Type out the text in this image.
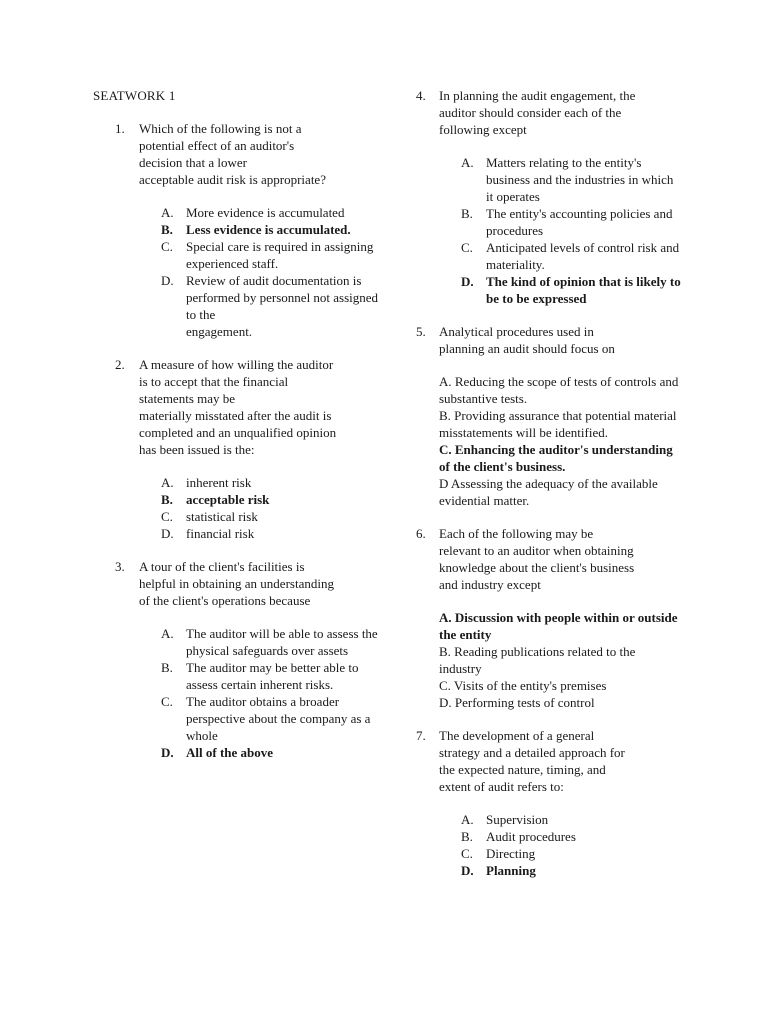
SEATWORK 1
1. Which of the following is not a
potential effect of an auditor's
decision that a lower
acceptable audit risk is appropriate?
A. More evidence is accumulated
B. Less evidence is accumulated.
C. Special care is required in assigning experienced staff.
D. Review of audit documentation is performed by personnel not assigned to the
engagement.
2. A measure of how willing the auditor
is to accept that the financial
statements may be
materially misstated after the audit is
completed and an unqualified opinion
has been issued is the:
A. inherent risk
B. acceptable risk
C. statistical risk
D. financial risk
3. A tour of the client's facilities is
helpful in obtaining an understanding
of the client's operations because
A. The auditor will be able to assess the physical safeguards over assets
B. The auditor may be better able to assess certain inherent risks.
C. The auditor obtains a broader perspective about the company as a whole
D. All of the above
4. In planning the audit engagement, the
auditor should consider each of the
following except
A. Matters relating to the entity's business and the industries in which it operates
B. The entity's accounting policies and procedures
C. Anticipated levels of control risk and materiality.
D. The kind of opinion that is likely to be to be expressed
5. Analytical procedures used in
planning an audit should focus on
A. Reducing the scope of tests of controls and substantive tests.
B. Providing assurance that potential material misstatements will be identified.
C. Enhancing the auditor's understanding of the client's business.
D Assessing the adequacy of the available evidential matter.
6. Each of the following may be
relevant to an auditor when obtaining
knowledge about the client's business
and industry except
A. Discussion with people within or outside the entity
B. Reading publications related to the industry
C. Visits of the entity's premises
D. Performing tests of control
7. The development of a general
strategy and a detailed approach for
the expected nature, timing, and
extent of audit refers to:
A. Supervision
B. Audit procedures
C. Directing
D. Planning
